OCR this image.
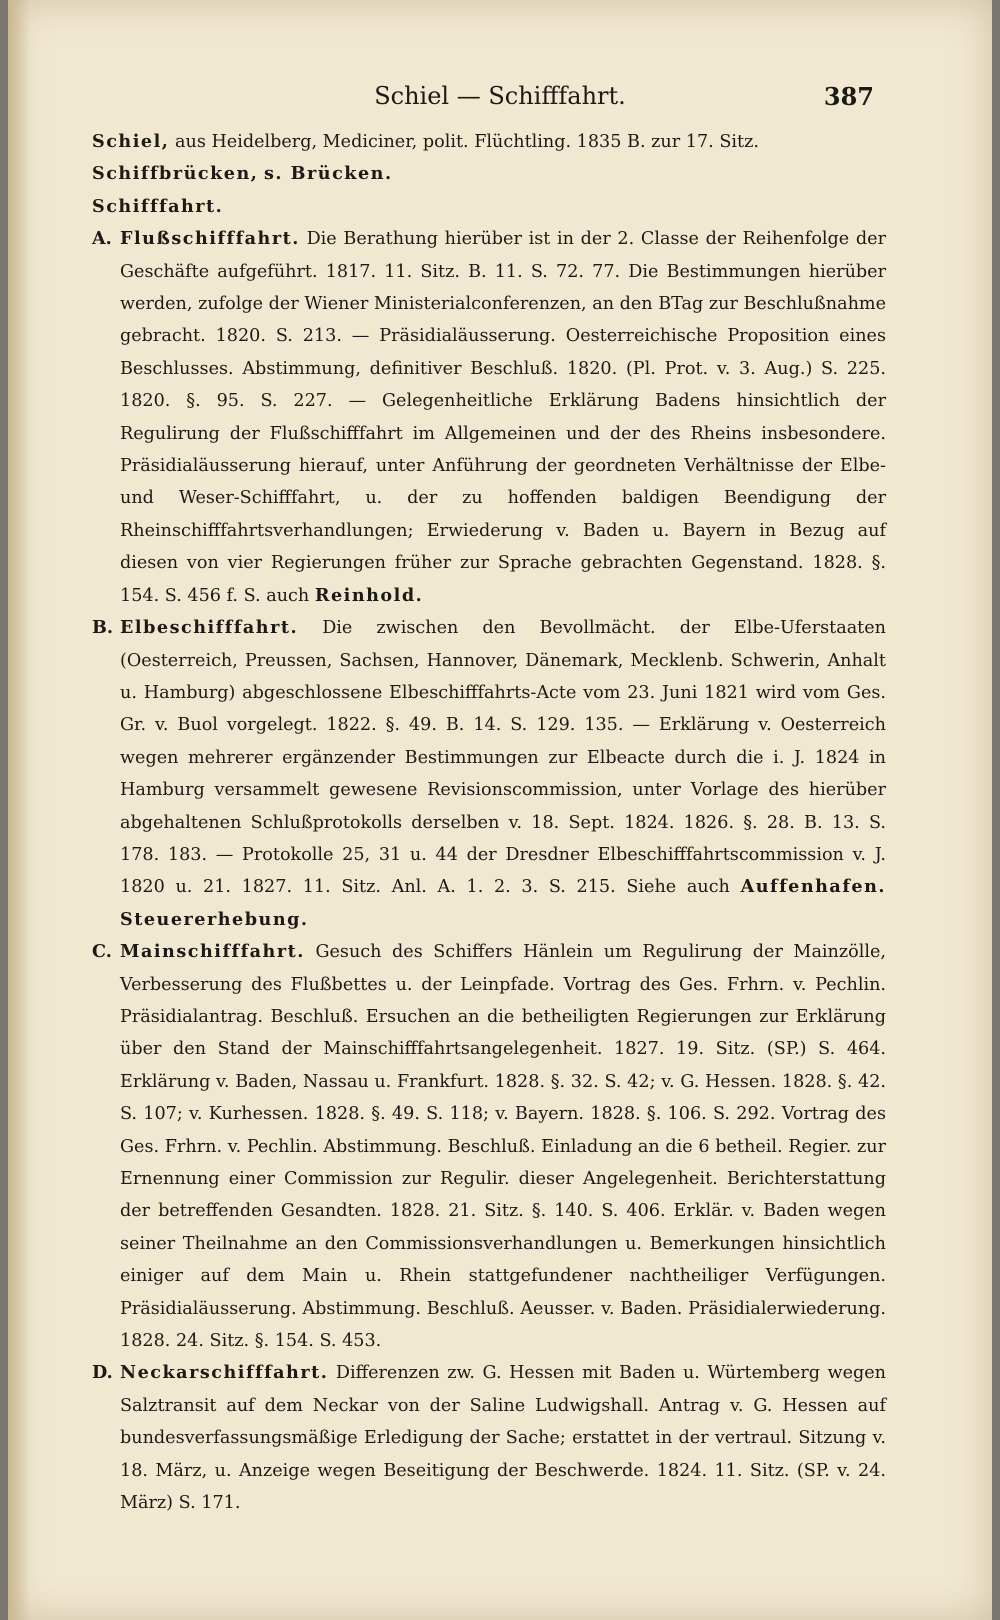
Schiel — Schifffahrt.	387
Schiel, aus Heidelberg, Mediciner, polit. Flüchtling. 1835 B. zur 17. Sitz.
Schiffbrücken, s. Brücken.
Schifffahrt.
A. Flußschifffahrt. Die Berathung hierüber ist in der 2. Classe der Reihenfolge der Geschäfte aufgeführt. 1817. 11. Sitz. B. 11. S. 72. 77. Die Bestimmungen hierüber werden, zufolge der Wiener Ministerialconferenzen, an den BTag zur Beschlußnahme gebracht. 1820. S. 213. — Präsidialäusserung. Oesterreichische Proposition eines Beschlusses. Abstimmung, definitiver Beschluß. 1820. (Pl. Prot. v. 3. Aug.) S. 225. 1820. §. 95. S. 227. — Gelegenheitliche Erklärung Badens hinsichtlich der Regulirung der Flußschifffahrt im Allgemeinen und der des Rheins insbesondere. Präsidialäusserung hierauf, unter Anführung der geordneten Verhältnisse der Elbe- und Weser-Schifffahrt, u. der zu hoffenden baldigen Beendigung der Rheinschifffahrtsverhandlungen; Erwiederung v. Baden u. Bayern in Bezug auf diesen von vier Regierungen früher zur Sprache gebrachten Gegenstand. 1828. §. 154. S. 456 f. S. auch Reinhold.
B. Elbeschifffahrt. Die zwischen den Bevollmächt. der Elbe-Uferstaaten (Oesterreich, Preussen, Sachsen, Hannover, Dänemark, Mecklenb. Schwerin, Anhalt u. Hamburg) abgeschlossene Elbeschifffahrts-Acte vom 23. Juni 1821 wird vom Ges. Gr. v. Buol vorgelegt. 1822. §. 49. B. 14. S. 129. 135. — Erklärung v. Oesterreich wegen mehrerer ergänzender Bestimmungen zur Elbeacte durch die i. J. 1824 in Hamburg versammelt gewesene Revisionscommission, unter Vorlage des hierüber abgehaltenen Schlußprotokolls derselben v. 18. Sept. 1824. 1826. §. 28. B. 13. S. 178. 183. — Protokolle 25, 31 u. 44 der Dresdner Elbeschifffahrtscommission v. J. 1820 u. 21. 1827. 11. Sitz. Anl. A. 1. 2. 3. S. 215. Siehe auch Auffenhafen. Steuererhebung.
C. Mainschifffahrt. Gesuch des Schiffers Hänlein um Regulirung der Mainzölle, Verbesserung des Flußbettes u. der Leinpfade. Vortrag des Ges. Frhrn. v. Pechlin. Präsidialantrag. Beschluß. Ersuchen an die betheiligten Regierungen zur Erklärung über den Stand der Mainschifffahrtsangelegenheit. 1827. 19. Sitz. (SP.) S. 464. Erklärung v. Baden, Nassau u. Frankfurt. 1828. §. 32. S. 42; v. G. Hessen. 1828. §. 42. S. 107; v. Kurhessen. 1828. §. 49. S. 118; v. Bayern. 1828. §. 106. S. 292. Vortrag des Ges. Frhrn. v. Pechlin. Abstimmung. Beschluß. Einladung an die 6 betheil. Regier. zur Ernennung einer Commission zur Regulir. dieser Angelegenheit. Berichterstattung der betreffenden Gesandten. 1828. 21. Sitz. §. 140. S. 406. Erklär. v. Baden wegen seiner Theilnahme an den Commissionsverhandlungen u. Bemerkungen hinsichtlich einiger auf dem Main u. Rhein stattgefundener nachtheiliger Verfügungen. Präsidialäusserung. Abstimmung. Beschluß. Aeusser. v. Baden. Präsidialerwiederung. 1828. 24. Sitz. §. 154. S. 453.
D. Neckarschifffahrt. Differenzen zw. G. Hessen mit Baden u. Würtemberg wegen Salztransit auf dem Neckar von der Saline Ludwigshall. Antrag v. G. Hessen auf bundesverfassungsmäßige Erledigung der Sache; erstattet in der vertraul. Sitzung v. 18. März, u. Anzeige wegen Beseitigung der Beschwerde. 1824. 11. Sitz. (SP. v. 24. März) S. 171.
